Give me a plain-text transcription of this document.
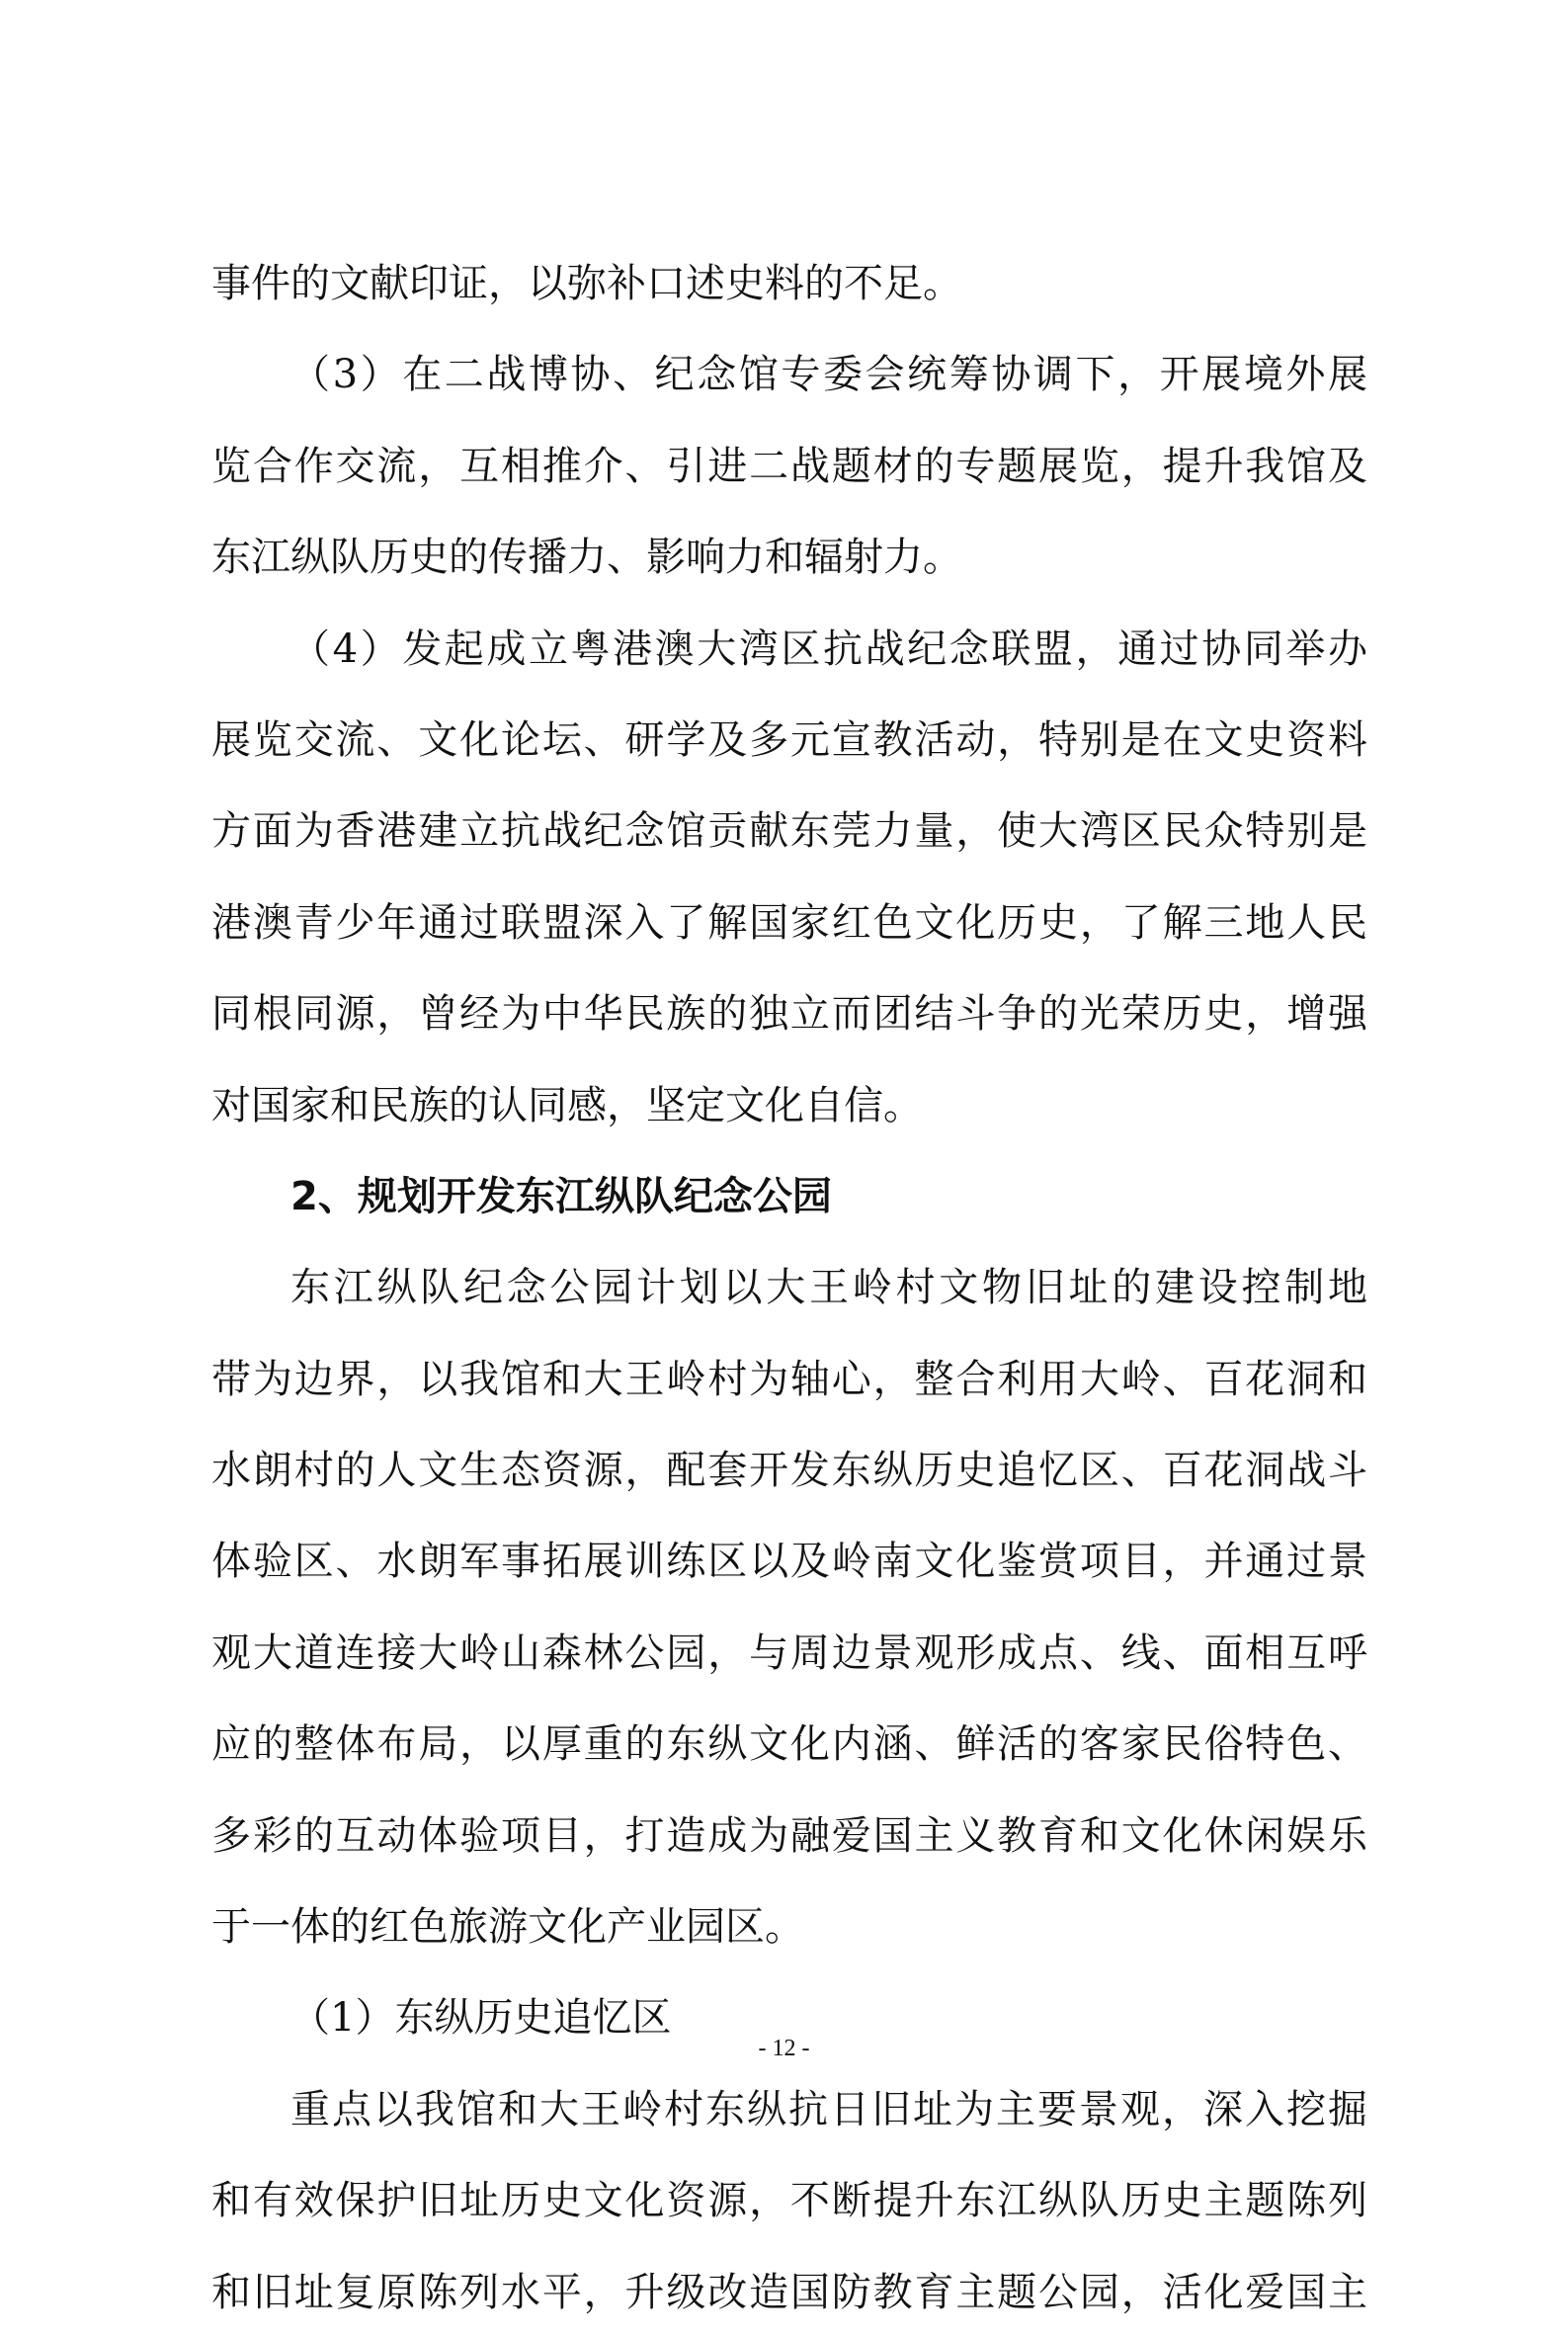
事件的文献印证，以弥补口述史料的不足。
（3）在二战博协、纪念馆专委会统筹协调下，开展境外展
览合作交流，互相推介、引进二战题材的专题展览，提升我馆及
东江纵队历史的传播力、影响力和辐射力。
（4）发起成立粤港澳大湾区抗战纪念联盟，通过协同举办
展览交流、文化论坛、研学及多元宣教活动，特别是在文史资料
方面为香港建立抗战纪念馆贡献东莞力量，使大湾区民众特别是
港澳青少年通过联盟深入了解国家红色文化历史，了解三地人民
同根同源，曾经为中华民族的独立而团结斗争的光荣历史，增强
对国家和民族的认同感，坚定文化自信。
2、规划开发东江纵队纪念公园
东江纵队纪念公园计划以大王岭村文物旧址的建设控制地
带为边界，以我馆和大王岭村为轴心，整合利用大岭、百花洞和
水朗村的人文生态资源，配套开发东纵历史追忆区、百花洞战斗
体验区、水朗军事拓展训练区以及岭南文化鉴赏项目，并通过景
观大道连接大岭山森林公园，与周边景观形成点、线、面相互呼
应的整体布局，以厚重的东纵文化内涵、鲜活的客家民俗特色、
多彩的互动体验项目，打造成为融爱国主义教育和文化休闲娱乐
于一体的红色旅游文化产业园区。
（1）东纵历史追忆区
重点以我馆和大王岭村东纵抗日旧址为主要景观，深入挖掘
和有效保护旧址历史文化资源，不断提升东江纵队历史主题陈列
和旧址复原陈列水平，升级改造国防教育主题公园，活化爱国主
- 12 -
